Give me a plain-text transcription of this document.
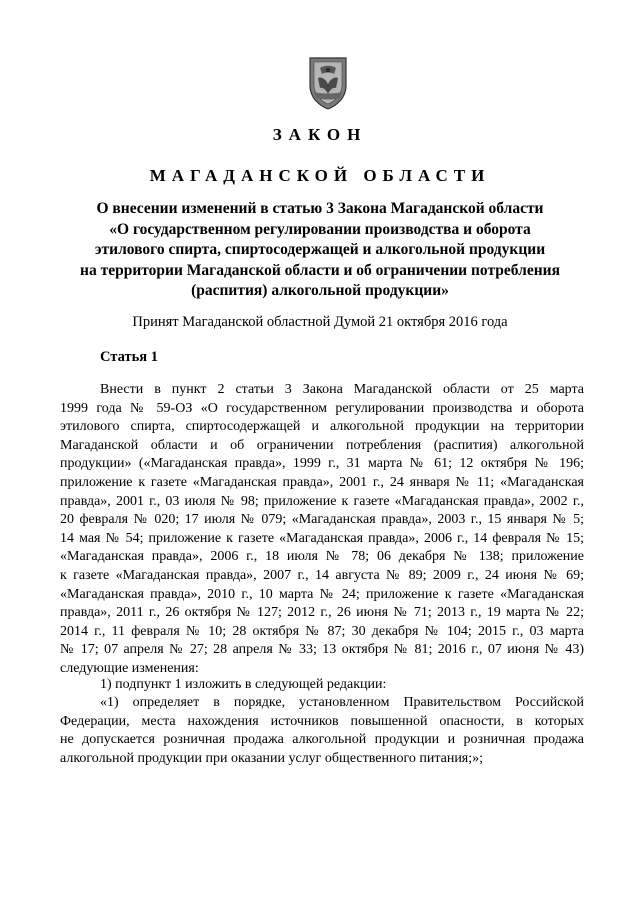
ЗАКОН
МАГАДАНСКОЙ ОБЛАСТИ
О внесении изменений в статью 3 Закона Магаданской области
«О государственном регулировании производства и оборота
этилового спирта, спиртосодержащей и алкогольной продукции
на территории Магаданской области и об ограничении потребления
(распития) алкогольной продукции»
Принят Магаданской областной Думой 21 октября 2016 года
Статья 1
Внести в пункт 2 статьи 3 Закона Магаданской области от 25 марта
1999 года № 59-ОЗ «О государственном регулировании производства и оборота
этилового спирта, спиртосодержащей и алкогольной продукции на территории
Магаданской области и об ограничении потребления (распития) алкогольной
продукции» («Магаданская правда», 1999 г., 31 марта № 61; 12 октября № 196;
приложение к газете «Магаданская правда», 2001 г., 24 января № 11; «Магаданская
правда», 2001 г., 03 июля № 98; приложение к газете «Магаданская правда», 2002 г.,
20 февраля № 020; 17 июля № 079; «Магаданская правда», 2003 г., 15 января № 5;
14 мая № 54; приложение к газете «Магаданская правда», 2006 г., 14 февраля № 15;
«Магаданская правда», 2006 г., 18 июля № 78; 06 декабря № 138; приложение
к газете «Магаданская правда», 2007 г., 14 августа № 89; 2009 г., 24 июня № 69;
«Магаданская правда», 2010 г., 10 марта № 24; приложение к газете «Магаданская
правда», 2011 г., 26 октября № 127; 2012 г., 26 июня № 71; 2013 г., 19 марта № 22;
2014 г., 11 февраля № 10; 28 октября № 87; 30 декабря № 104; 2015 г., 03 марта
№ 17; 07 апреля № 27; 28 апреля № 33; 13 октября № 81; 2016 г., 07 июня № 43)
следующие изменения:
1) подпункт 1 изложить в следующей редакции:
«1) определяет в порядке, установленном Правительством Российской
Федерации, места нахождения источников повышенной опасности, в которых
не допускается розничная продажа алкогольной продукции и розничная продажа
алкогольной продукции при оказании услуг общественного питания;»;
